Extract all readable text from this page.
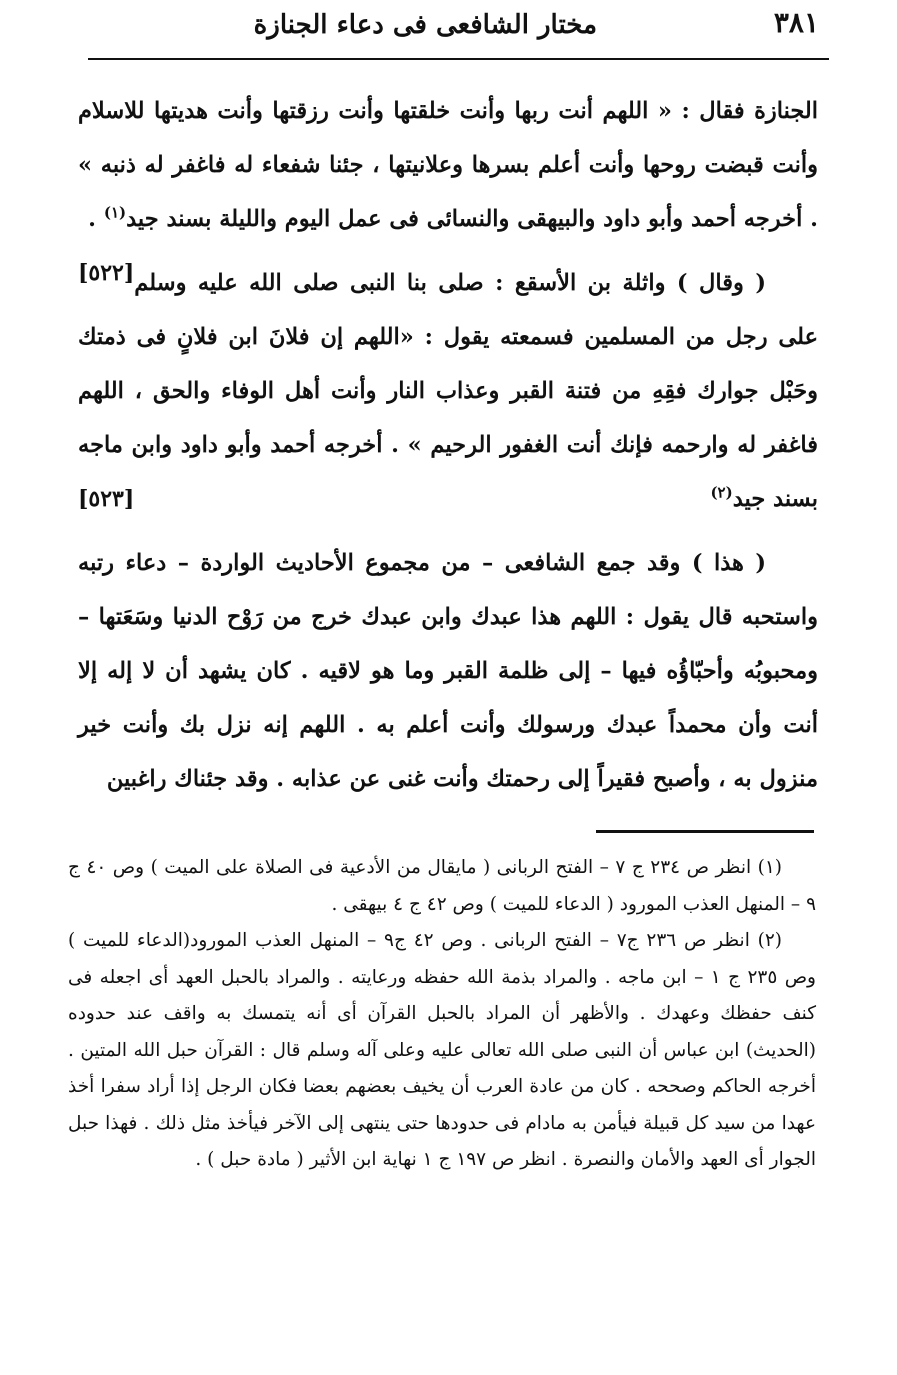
٣٨١
مختار الشافعى فى دعاء الجنازة

الجنازة فقال : « اللهم أنت ربها وأنت خلقتها وأنت رزقتها وأنت هديتها للاسلام وأنت قبضت روحها وأنت أعلم بسرها وعلانيتها ، جئنا شفعاء له فاغفر له ذنبه » . أخرجه أحمد وأبو داود والبيهقى والنسائى فى عمل اليوم والليلة بسند جيد$^{(١)}$ .
[٥٢٢] ( وقال ) واثلة بن الأسقع : صلى بنا النبى صلى الله عليه وسلم على رجل من المسلمين فسمعته يقول : «اللهم إن فلانَ ابن فلانٍ فى ذمتك وحَبْل جوارك فقِهِ من فتنة القبر وعذاب النار وأنت أهل الوفاء والحق ، اللهم فاغفر له وارحمه فإنك أنت الغفور الرحيم » . أخرجه أحمد وأبو داود وابن ماجه بسند جيد$^{(٢)}$
[٥٢٣]

( هذا ) وقد جمع الشافعى – من مجموع الأحاديث الواردة – دعاء رتبه واستحبه قال يقول : اللهم هذا عبدك وابن عبدك خرج من رَوْح الدنيا وسَعَتها – ومحبوبُه وأحبّاؤُه فيها – إلى ظلمة القبر وما هو لاقيه . كان يشهد أن لا إله إلا أنت وأن محمداً عبدك ورسولك وأنت أعلم به . اللهم إنه نزل بك وأنت خير منزول به ، وأصبح فقيراً إلى رحمتك وأنت غنى عن عذابه . وقد جئناك راغبين

(١) انظر ص ٢٣٤ ج ٧ – الفتح الربانى ( مايقال من الأدعية فى الصلاة على الميت ) وص ٤٠ ج ٩ – المنهل العذب المورود ( الدعاء للميت ) وص ٤٢ ج ٤ بيهقى .

(٢) انظر ص ٢٣٦ ج٧ – الفتح الربانى . وص ٤٢ ج٩ – المنهل العذب المورود(الدعاء للميت ) وص ٢٣٥ ج ١ – ابن ماجه . والمراد بذمة الله حفظه ورعايته . والمراد بالحبل العهد أى اجعله فى كنف حفظك وعهدك . والأظهر أن المراد بالحبل القرآن أى أنه يتمسك به واقف عند حدوده (الحديث) ابن عباس أن النبى صلى الله تعالى عليه وعلى آله وسلم قال : القرآن حبل الله المتين . أخرجه الحاكم وصححه . كان من عادة العرب أن يخيف بعضهم بعضا فكان الرجل إذا أراد سفرا أخذ عهدا من سيد كل قبيلة فيأمن به مادام فى حدودها حتى ينتهى إلى الآخر فيأخذ مثل ذلك . فهذا حبل الجوار أى العهد والأمان والنصرة . انظر ص ١٩٧ ج ١ نهاية ابن الأثير ( مادة حبل ) .
